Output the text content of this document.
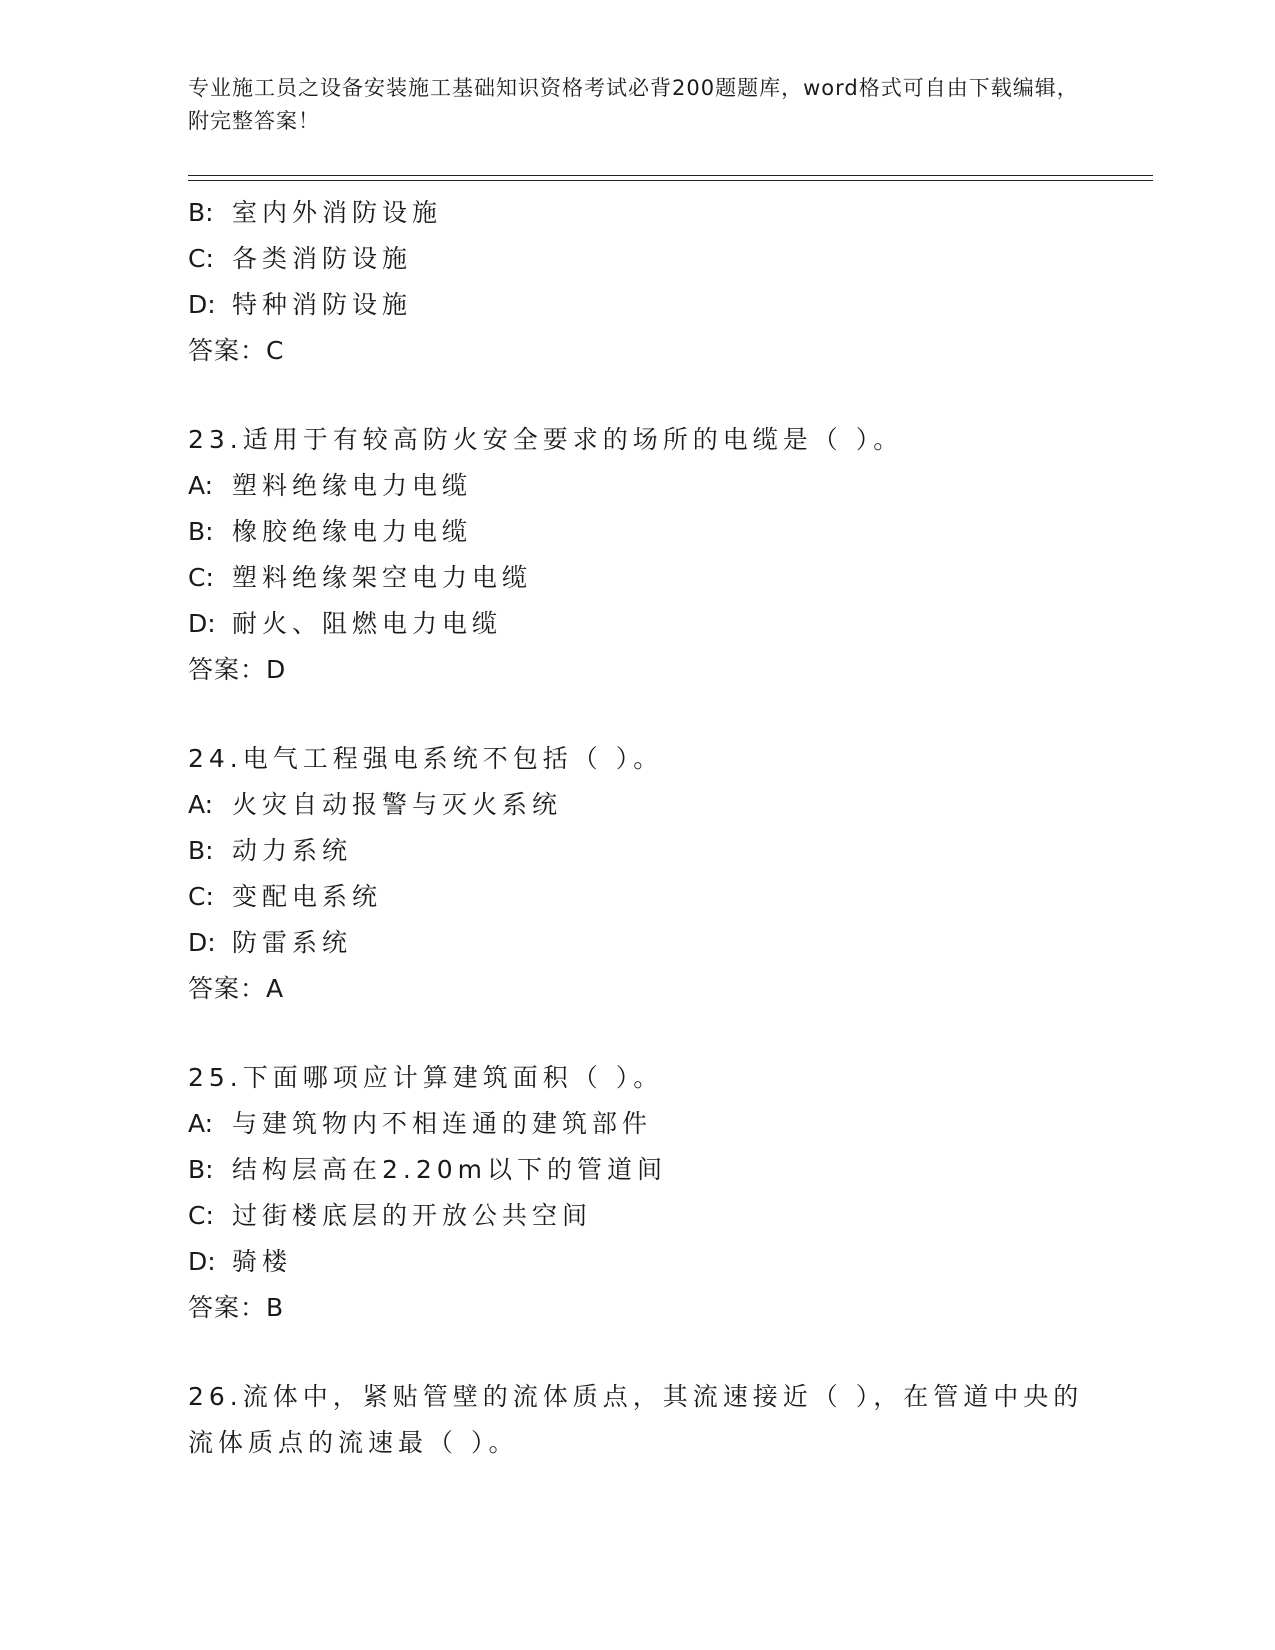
专业施工员之设备安装施工基础知识资格考试必背200题题库，word格式可自由下载编辑，附完整答案！
B: 室内外消防设施
C: 各类消防设施
D: 特种消防设施
答案：C
23.适用于有较高防火安全要求的场所的电缆是（ ）。
A: 塑料绝缘电力电缆
B: 橡胶绝缘电力电缆
C: 塑料绝缘架空电力电缆
D: 耐火、阻燃电力电缆
答案：D
24.电气工程强电系统不包括（ ）。
A: 火灾自动报警与灭火系统
B: 动力系统
C: 变配电系统
D: 防雷系统
答案：A
25.下面哪项应计算建筑面积（ ）。
A: 与建筑物内不相连通的建筑部件
B: 结构层高在2.20m以下的管道间
C: 过街楼底层的开放公共空间
D: 骑楼
答案：B
26.流体中，紧贴管壁的流体质点，其流速接近（ ），在管道中央的流体质点的流速最（ ）。
